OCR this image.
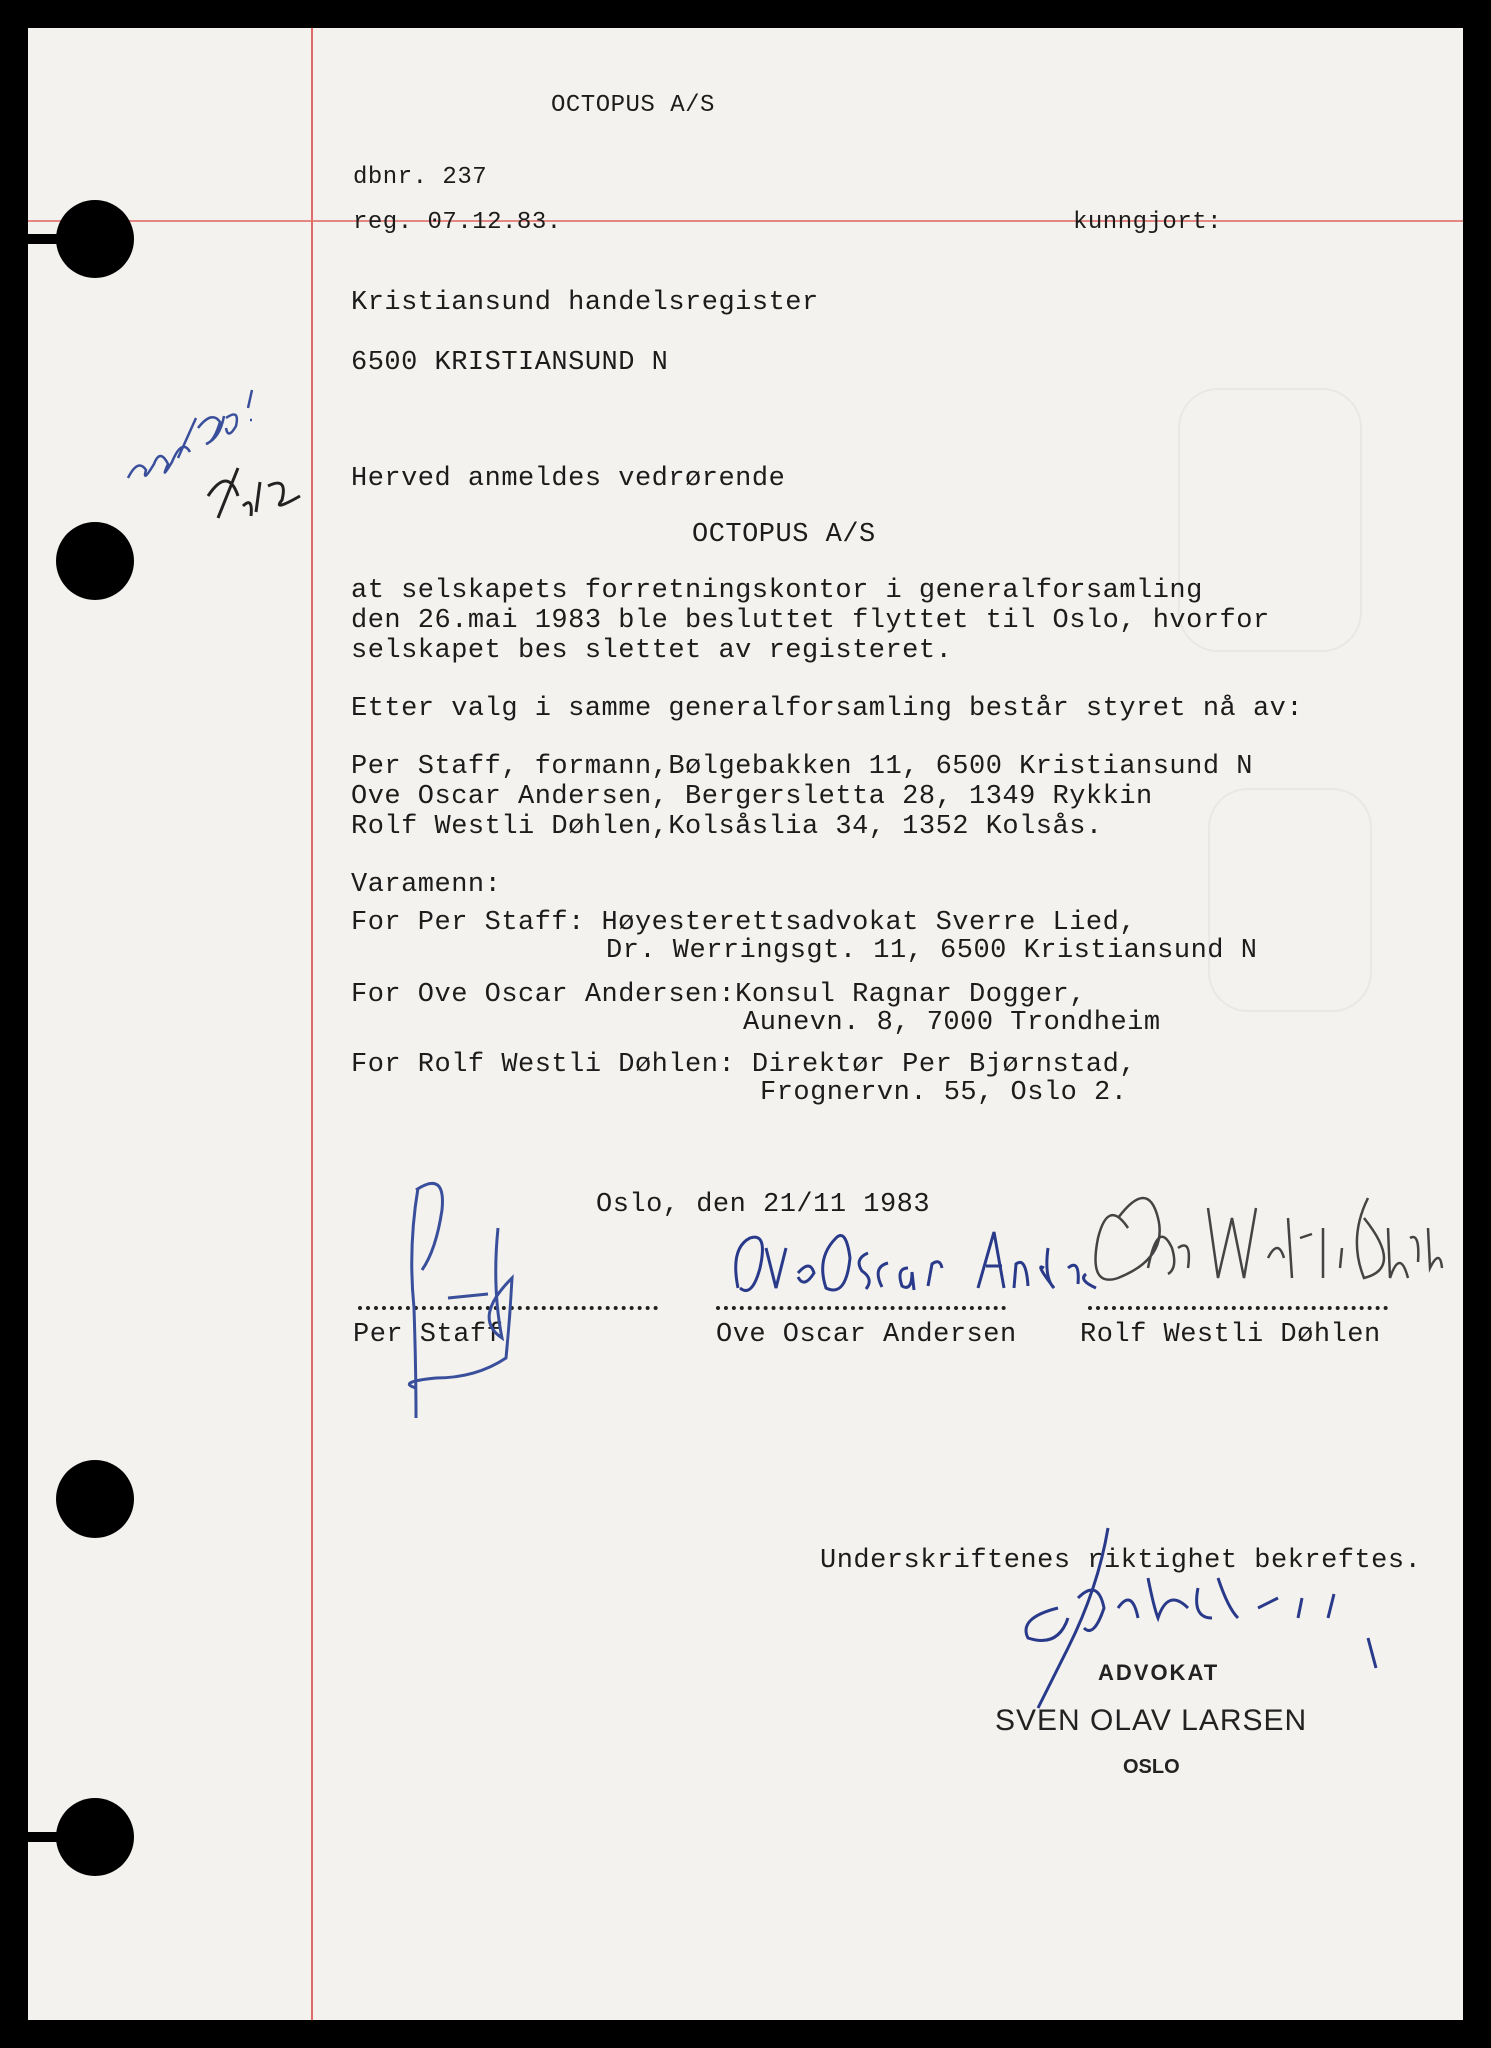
OCTOPUS A/S
dbnr. 237
reg. 07.12.83.	kunngjort:
Kristiansund handelsregister
6500 KRISTIANSUND N
Herved anmeldes vedrørende
OCTOPUS A/S
at selskapets forretningskontor i generalforsamling
den 26.mai 1983 ble besluttet flyttet til Oslo, hvorfor
selskapet bes slettet av registeret.
Etter valg i samme generalforsamling består styret nå av:
Per Staff, formann,Bølgebakken 11, 6500 Kristiansund N
Ove Oscar Andersen, Bergersletta 28, 1349 Rykkin
Rolf Westli Døhlen,Kolsåslia 34, 1352 Kolsås.
Varamenn:
For Per Staff: Høyesterettsadvokat Sverre Lied,
Dr. Werringsgt. 11, 6500 Kristiansund N
For Ove Oscar Andersen:Konsul Ragnar Dogger,
Aunevn. 8, 7000 Trondheim
For Rolf Westli Døhlen: Direktør Per Bjørnstad,
Frognervn. 55, Oslo 2.
Oslo, den 21/11 1983
Per Staff	Ove Oscar Andersen Rolf Westli Døhlen
Underskriftenes riktighet bekreftes.
ADVOKAT
SVEN OLAV LARSEN
OSLO
